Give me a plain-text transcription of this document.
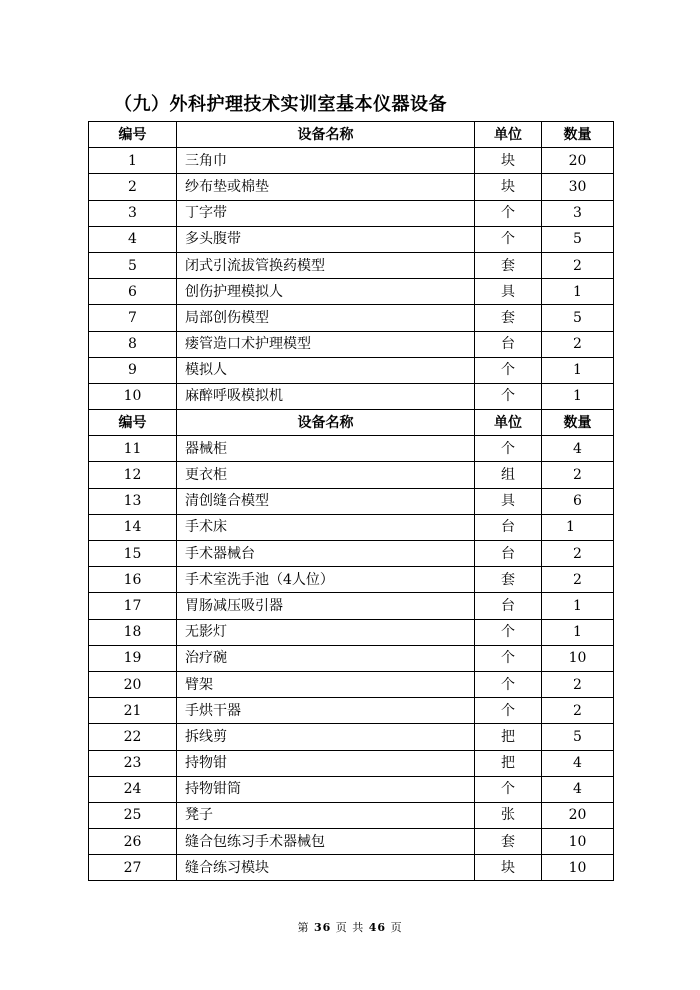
（九）外科护理技术实训室基本仪器设备
编号	设备名称	单位	数量
1	三角巾	块	20
2	纱布垫或棉垫	块	30
3	丁字带	个	3
4	多头腹带	个	5
5	闭式引流拔管换药模型	套	2
6	创伤护理模拟人	具	1
7	局部创伤模型	套	5
8	瘘管造口术护理模型	台	2
9	模拟人	个	1
10	麻醉呼吸模拟机	个	1
编号	设备名称	单位	数量
11	器械柜	个	4
12	更衣柜	组	2
13	清创缝合模型	具	6
14	手术床	台	1
15	手术器械台	台	2
16	手术室洗手池（4人位）	套	2
17	胃肠减压吸引器	台	1
18	无影灯	个	1
19	治疗碗	个	10
20	臂架	个	2
21	手烘干器	个	2
22	拆线剪	把	5
23	持物钳	把	4
24	持物钳筒	个	4
25	凳子	张	20
26	缝合包练习手术器械包	套	10
27	缝合练习模块	块	10
第 36 页 共 46 页
